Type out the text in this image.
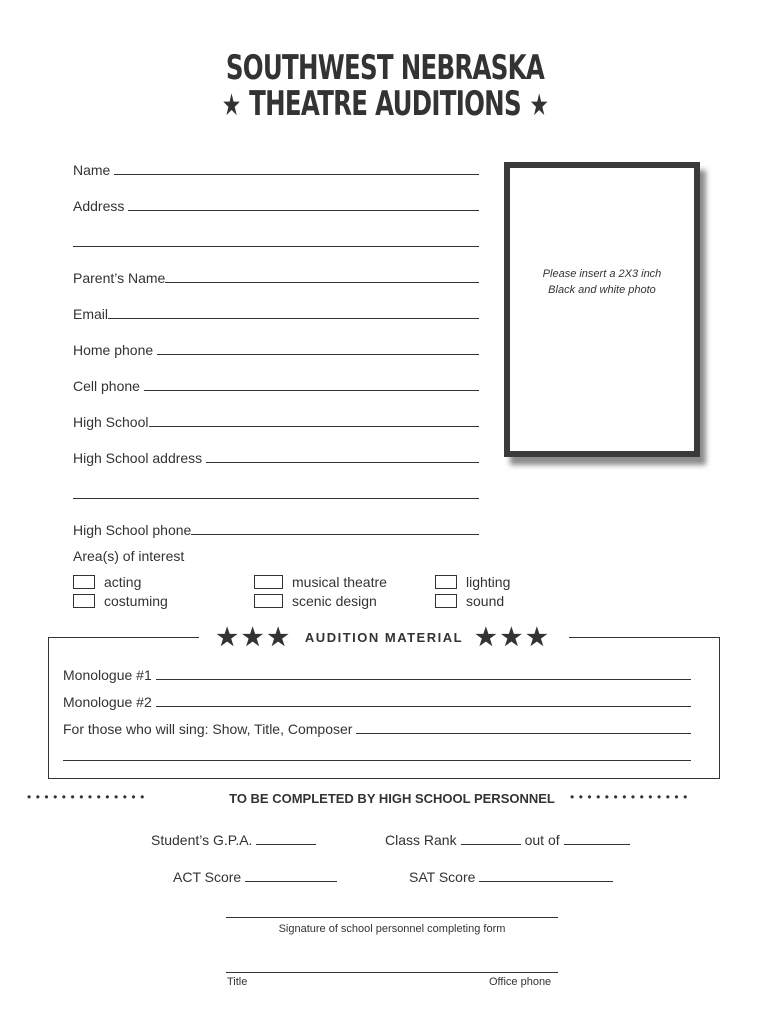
SOUTHWEST NEBRASKA
★ THEATRE AUDITIONS ★
Name
Address
Parent’s Name
Email
Home phone
Cell phone
High School
High School address
High School phone
Please insert a 2X3 inch
Black and white photo
Area(s) of interest
acting
costuming
musical theatre
scenic design
lighting
sound
★★★ AUDITION MATERIAL ★★★
Monologue #1
Monologue #2
For those who will sing: Show, Title, Composer
••••••••••••••	TO BE COMPLETED BY HIGH SCHOOL PERSONNEL	••••••••••••••
Student’s G.P.A.	Class Rank	out of
ACT Score	SAT Score
Signature of school personnel completing form
Title	Office phone
